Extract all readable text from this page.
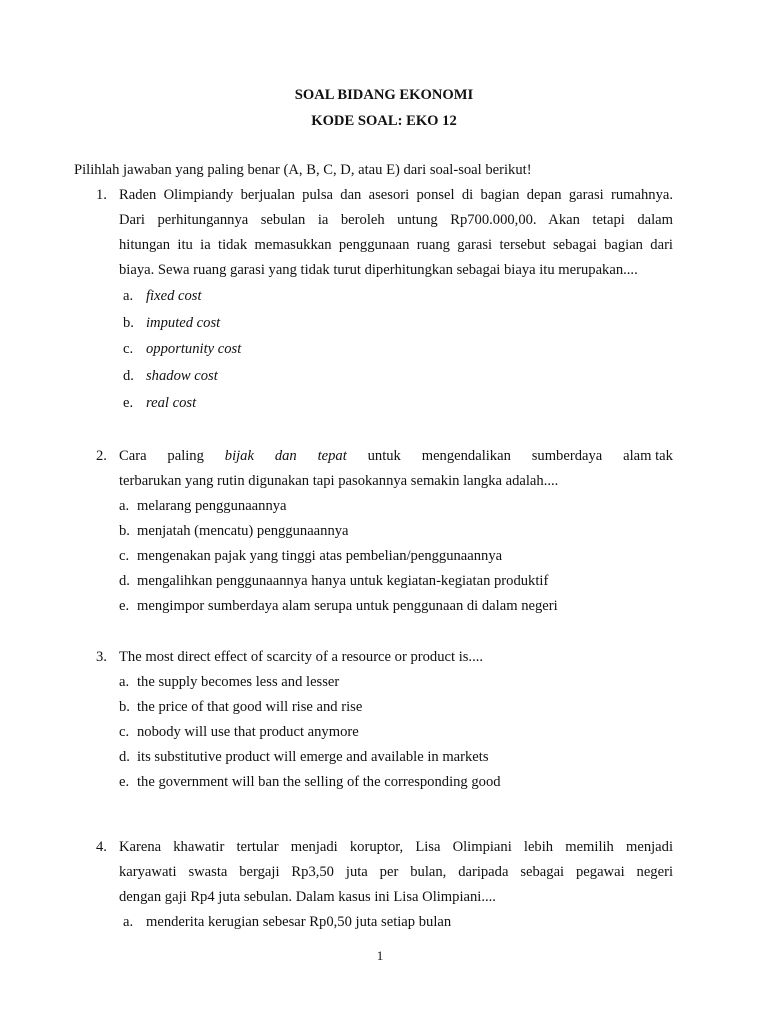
SOAL BIDANG EKONOMI
KODE SOAL: EKO 12
Pilihlah jawaban yang paling benar (A, B, C, D, atau E) dari soal-soal berikut!
1. Raden Olimpiandy berjualan pulsa dan asesori ponsel di bagian depan garasi rumahnya.
Dari perhitungannya sebulan ia beroleh untung Rp700.000,00. Akan tetapi dalam
hitungan itu ia tidak memasukkan penggunaan ruang garasi tersebut sebagai bagian dari
biaya. Sewa ruang garasi yang tidak turut diperhitungkan sebagai biaya itu merupakan....
a. fixed cost
b. imputed cost
c. opportunity cost
d. shadow cost
e. real cost
2. Cara paling bijak dan tepat untuk mengendalikan sumberdaya alam tak
terbarukan yang rutin digunakan tapi pasokannya semakin langka adalah....
a. melarang penggunaannya
b. menjatah (mencatu) penggunaannya
c. mengenakan pajak yang tinggi atas pembelian/penggunaannya
d. mengalihkan penggunaannya hanya untuk kegiatan-kegiatan produktif
e. mengimpor sumberdaya alam serupa untuk penggunaan di dalam negeri
3. The most direct effect of scarcity of a resource or product is....
a. the supply becomes less and lesser
b. the price of that good will rise and rise
c. nobody will use that product anymore
d. its substitutive product will emerge and available in markets
e. the government will ban the selling of the corresponding good
4. Karena khawatir tertular menjadi koruptor, Lisa Olimpiani lebih memilih menjadi
karyawati swasta bergaji Rp3,50 juta per bulan, daripada sebagai pegawai negeri
dengan gaji Rp4 juta sebulan. Dalam kasus ini Lisa Olimpiani....
a. menderita kerugian sebesar Rp0,50 juta setiap bulan
1
